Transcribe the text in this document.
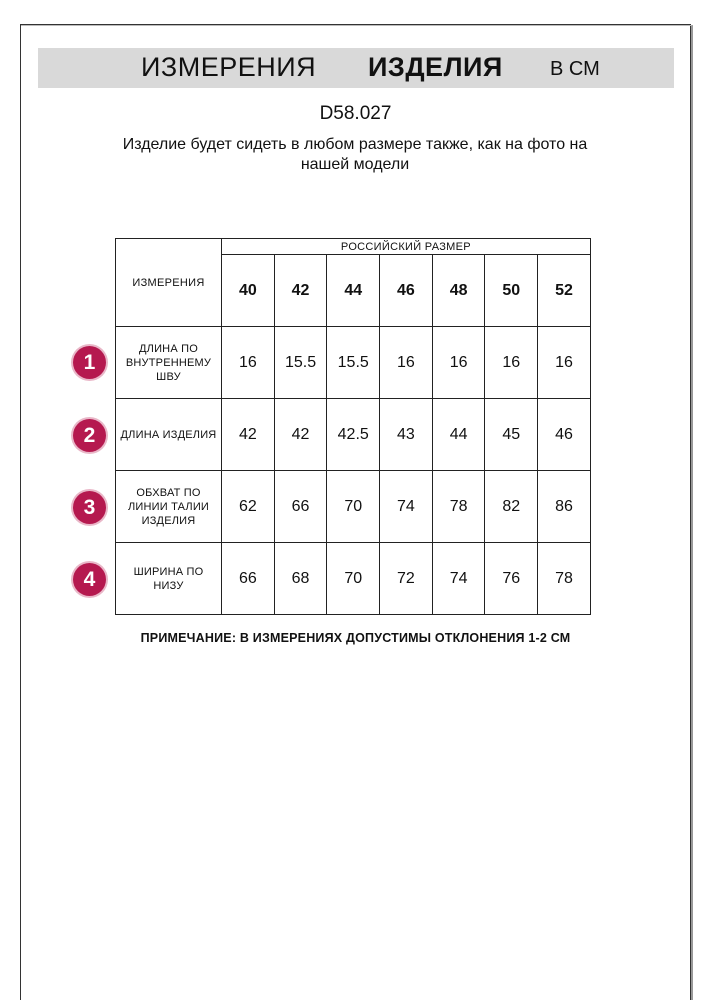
ИЗМЕРЕНИЯ ИЗДЕЛИЯ В СМ
D58.027
Изделие будет сидеть в любом размере также, как на фото на
нашей модели
ИЗМЕРЕНИЯ	РОССИЙСКИЙ РАЗМЕР						
	40	42	44	46	48	50	52

ДЛИНА ПО
ВНУТРЕННЕМУ
ШВУ	16	15.5	15.5	16	16	16	16

ДЛИНА ИЗДЕЛИЯ	42	42	42.5	43	44	45	46

ОБХВАТ ПО
ЛИНИИ ТАЛИИ
ИЗДЕЛИЯ	62	66	70	74	78	82	86

ШИРИНА ПО
НИЗУ	66	68	70	72	74	76	78
1
2
3
4
ПРИМЕЧАНИЕ: В ИЗМЕРЕНИЯХ ДОПУСТИМЫ ОТКЛОНЕНИЯ 1-2 СМ
